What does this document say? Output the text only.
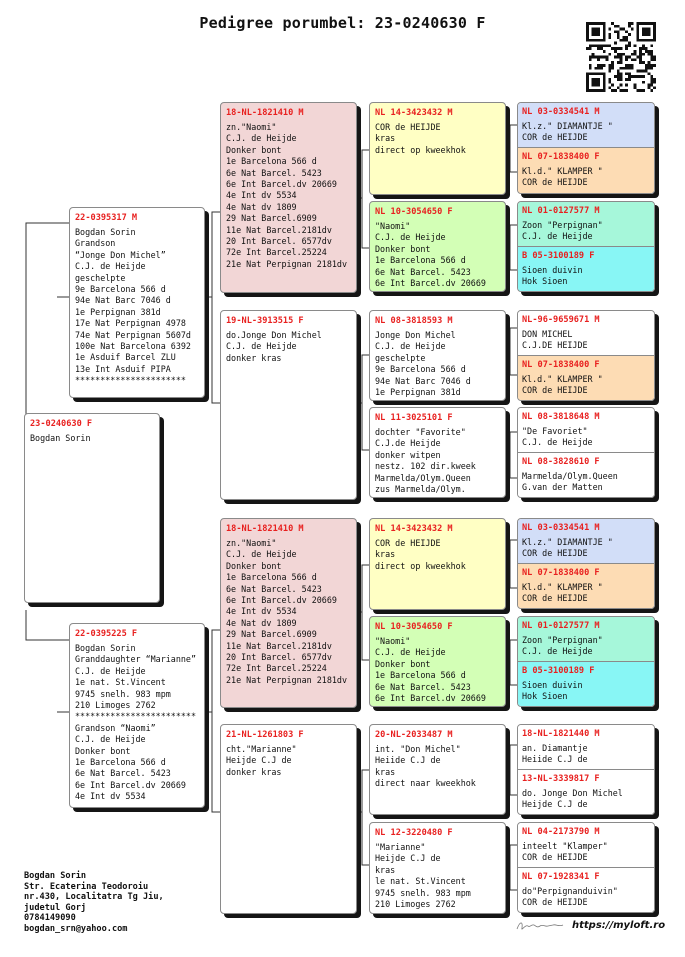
Pedigree porumbel: 23-0240630 F
23-0240630 F
Bogdan Sorin
22-0395317 M
Bogdan Sorin
Grandson
“Jonge Don Michel”
C.J. de Heijde
geschelpte
9e Barcelona 566 d
94e Nat Barc 7046 d
1e Perpignan 381d
17e Nat Perpignan 4978
74e Nat Perpignan 5607d
100e Nat Barcelona 6392
1e Asduif Barcel ZLU
13e Int Asduif PIPA
**********************
22-0395225 F
Bogdan Sorin
Granddaughter “Marianne”
C.J. de Heijde
1e nat. St.Vincent
9745 snelh. 983 mpm
210 Limoges 2762
************************
Grandson “Naomi”
C.J. de Heijde
Donker bont
1e Barcelona 566 d
6e Nat Barcel. 5423
6e Int Barcel.dv 20669
4e Int dv 5534
18-NL-1821410 M
zn."Naomi"
C.J. de Heijde
Donker bont
1e Barcelona 566 d
6e Nat Barcel. 5423
6e Int Barcel.dv 20669
4e Int dv 5534
4e Nat dv 1809
29 Nat Barcel.6909
11e Nat Barcel.2181dv
20 Int Barcel. 6577dv
72e Int Barcel.25224
21e Nat Perpignan 2181dv
19-NL-3913515 F
do.Jonge Don Michel
C.J. de Heijde
donker kras
18-NL-1821410 M
zn."Naomi"
C.J. de Heijde
Donker bont
1e Barcelona 566 d
6e Nat Barcel. 5423
6e Int Barcel.dv 20669
4e Int dv 5534
4e Nat dv 1809
29 Nat Barcel.6909
11e Nat Barcel.2181dv
20 Int Barcel. 6577dv
72e Int Barcel.25224
21e Nat Perpignan 2181dv
21-NL-1261803 F
cht."Marianne"
Heijde C.J de
donker kras
NL 14-3423432 M
COR de HEIJDE
kras
direct op kweekhok
NL 10-3054650 F
"Naomi"
C.J. de Heijde
Donker bont
1e Barcelona 566 d
6e Nat Barcel. 5423
6e Int Barcel.dv 20669
NL 08-3818593 M
Jonge Don Michel
C.J. de Heijde
geschelpte
9e Barcelona 566 d
94e Nat Barc 7046 d
1e Perpignan 381d
NL 11-3025101 F
dochter "Favorite"
C.J.de Heijde
donker witpen
nestz. 102 dir.kweek
Marmelda/Olym.Queen
zus Marmelda/Olym.
NL 14-3423432 M
COR de HEIJDE
kras
direct op kweekhok
NL 10-3054650 F
"Naomi"
C.J. de Heijde
Donker bont
1e Barcelona 566 d
6e Nat Barcel. 5423
6e Int Barcel.dv 20669
20-NL-2033487 M
int. "Don Michel"
Heiide C.J de
kras
direct naar kweekhok
NL 12-3220480 F
"Marianne"
Heijde C.J de
kras
le nat. St.Vincent
9745 snelh. 983 mpm
210 Limoges 2762
NL 03-0334541 M
Kl.z." DIAMANTJE "
COR de HEIJDE
NL 07-1838400 F
Kl.d." KLAMPER "
COR de HEIJDE
NL 01-0127577 M
Zoon "Perpignan"
C.J. de Heijde
B 05-3100189 F
Sioen duivin
Hok Sioen
NL-96-9659671 M
DON MICHEL
C.J.DE HEIJDE
NL 07-1838400 F
Kl.d." KLAMPER "
COR de HEIJDE
NL 08-3818648 M
"De Favoriet"
C.J. de Heijde
NL 08-3828610 F
Marmelda/Olym.Queen
G.van der Matten
NL 03-0334541 M
Kl.z." DIAMANTJE "
COR de HEIJDE
NL 07-1838400 F
Kl.d." KLAMPER "
COR de HEIJDE
NL 01-0127577 M
Zoon "Perpignan"
C.J. de Heijde
B 05-3100189 F
Sioen duivin
Hok Sioen
18-NL-1821440 M
an. Diamantje
Heiide C.J de
13-NL-3339817 F
do. Jonge Don Michel
Heijde C.J de
NL 04-2173790 M
inteelt "Klamper"
COR de HEIJDE
NL 07-1928341 F
do"Perpignanduivin"
COR de HEIJDE
Bogdan Sorin
Str. Ecaterina Teodoroiu
nr.430, Localitatra Tg Jiu,
judetul Gorj
0784149090
bogdan_srn@yahoo.com	https://myloft.ro
